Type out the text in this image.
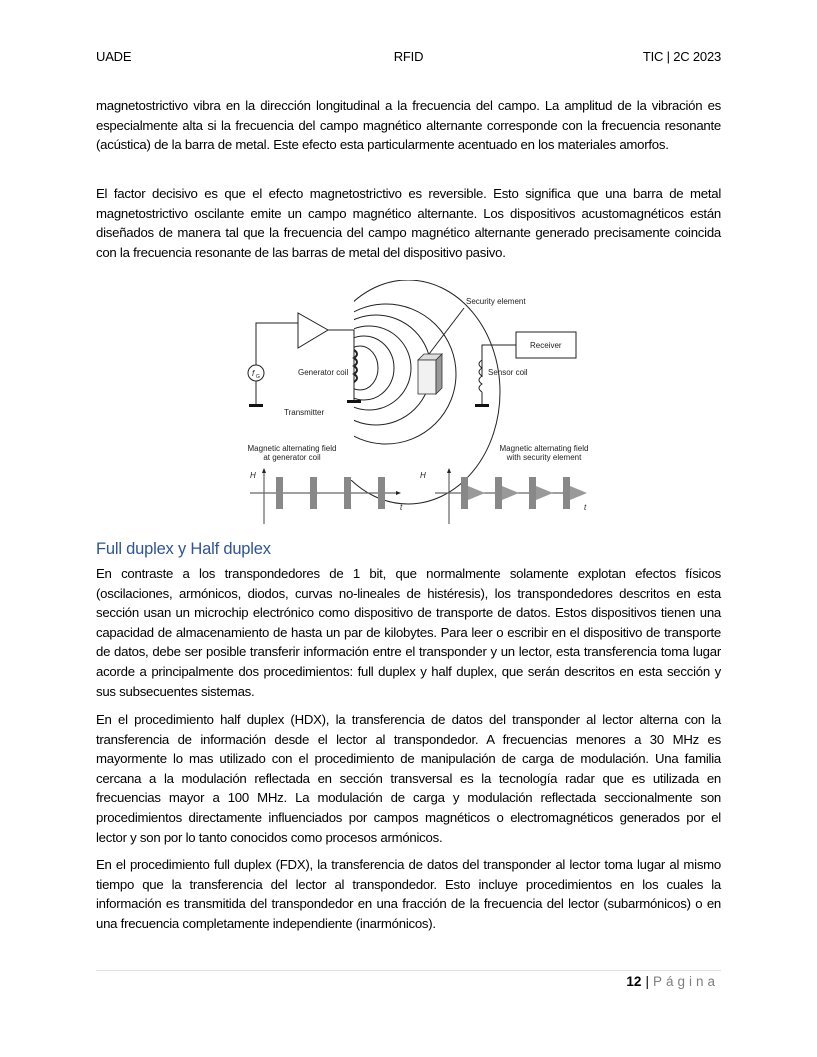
UADE	RFID	TIC | 2C 2023

magnetostrictivo vibra en la dirección longitudinal a la frecuencia del campo. La amplitud de la vibración es especialmente alta si la frecuencia del campo magnético alternante corresponde con la frecuencia resonante (acústica) de la barra de metal. Este efecto esta particularmente acentuado en los materiales amorfos.

El factor decisivo es que el efecto magnetostrictivo es reversible. Esto significa que una barra de metal magnetostrictivo oscilante emite un campo magnético alternante. Los dispositivos acustomagnéticos están diseñados de manera tal que la frecuencia del campo magnético alternante generado precisamente coincida con la frecuencia resonante de las barras de metal del dispositivo pasivo.

Security element
Receiver
Generator coil	Sensor coil
Transmitter
f G
Magnetic alternating field
at generator coil
Magnetic alternating field
with security element
H	H
t	t
Full duplex y Half duplex

En contraste a los transpondedores de 1 bit, que normalmente solamente explotan efectos físicos (oscilaciones, armónicos, diodos, curvas no-lineales de histéresis), los transpondedores descritos en esta sección usan un microchip electrónico como dispositivo de transporte de datos. Estos dispositivos tienen una capacidad de almacenamiento de hasta un par de kilobytes. Para leer o escribir en el dispositivo de transporte de datos, debe ser posible transferir información entre el transponder y un lector, esta transferencia toma lugar acorde a principalmente dos procedimientos: full duplex y half duplex, que serán descritos en esta sección y sus subsecuentes sistemas.

En el procedimiento half duplex (HDX), la transferencia de datos del transponder al lector alterna con la transferencia de información desde el lector al transpondedor. A frecuencias menores a 30 MHz es mayormente lo mas utilizado con el procedimiento de manipulación de carga de modulación. Una familia cercana a la modulación reflectada en sección transversal es la tecnología radar que es utilizada en frecuencias mayor a 100 MHz. La modulación de carga y modulación reflectada seccionalmente son procedimientos directamente influenciados por campos magnéticos o electromagnéticos generados por el lector y son por lo tanto conocidos como procesos armónicos.

En el procedimiento full duplex (FDX), la transferencia de datos del transponder al lector toma lugar al mismo tiempo que la transferencia del lector al transpondedor. Esto incluye procedimientos en los cuales la información es transmitida del transpondedor en una fracción de la frecuencia del lector (subarmónicos) o en una frecuencia completamente independiente (inarmónicos).

12 | Página
